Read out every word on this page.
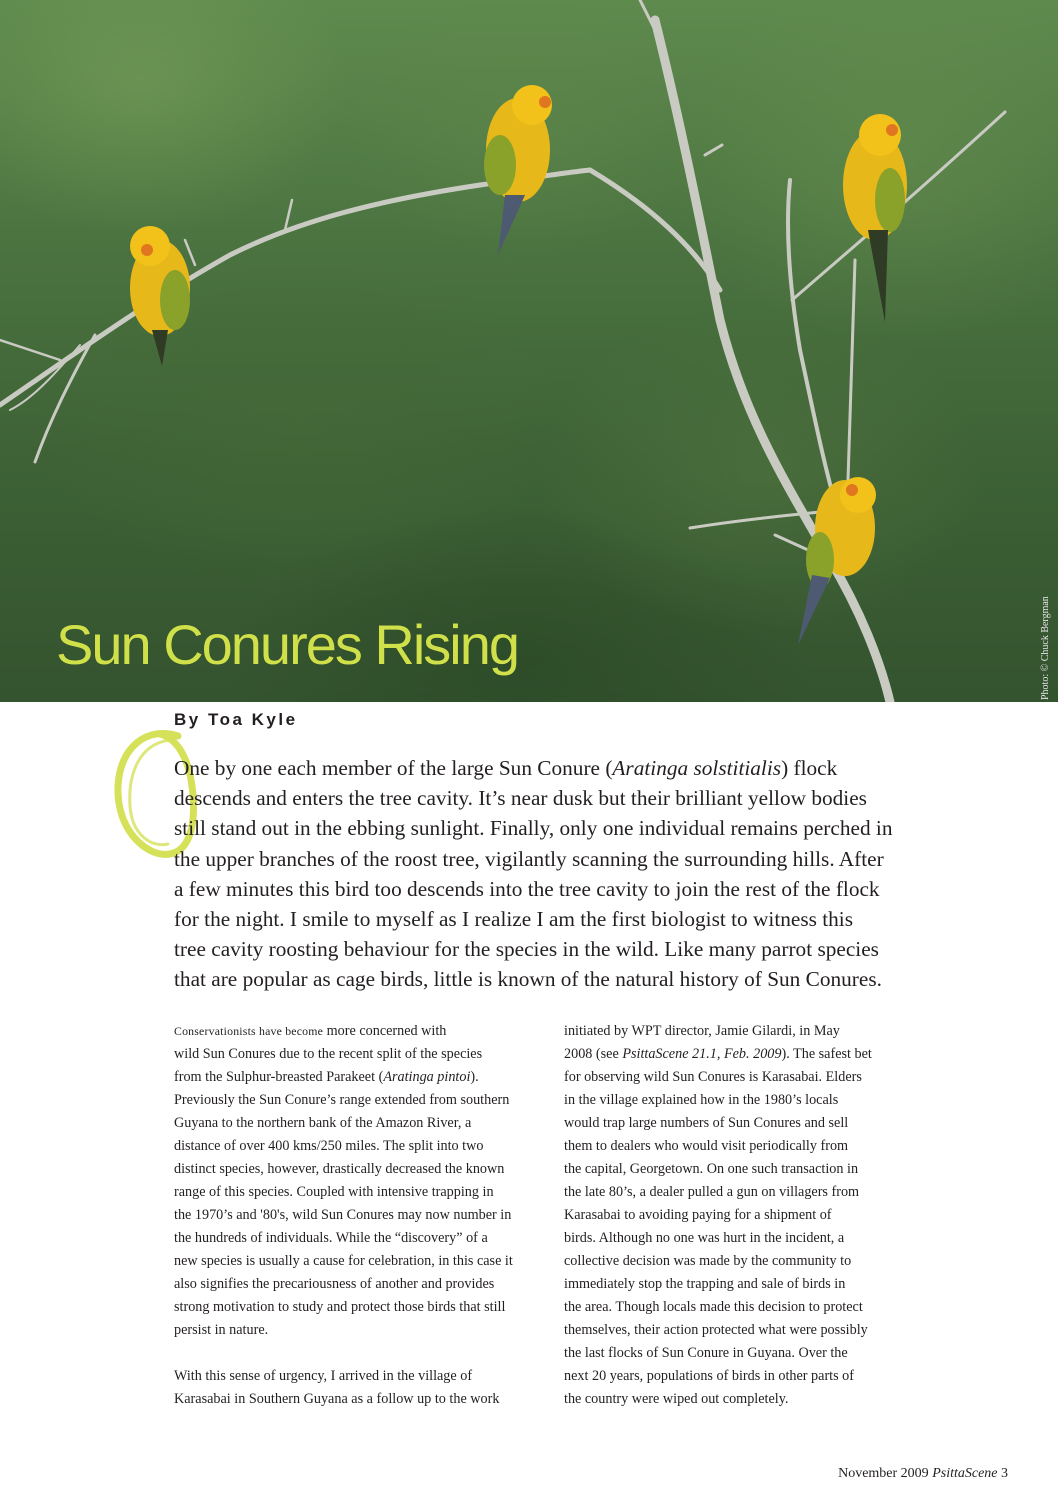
Sun Conures Rising	Photo: © Chuck Bergman
By Toa Kyle
One by one each member of the large Sun Conure (Aratinga solstitialis) flock
descends and enters the tree cavity. It’s near dusk but their brilliant yellow bodies
still stand out in the ebbing sunlight. Finally, only one individual remains perched in
the upper branches of the roost tree, vigilantly scanning the surrounding hills. After
a few minutes this bird too descends into the tree cavity to join the rest of the flock
for the night. I smile to myself as I realize I am the first biologist to witness this
tree cavity roosting behaviour for the species in the wild. Like many parrot species
that are popular as cage birds, little is known of the natural history of Sun Conures.

Conservationists have become more concerned with
wild Sun Conures due to the recent split of the species
from the Sulphur-breasted Parakeet (Aratinga pintoi).
Previously the Sun Conure’s range extended from southern
Guyana to the northern bank of the Amazon River, a
distance of over 400 kms/250 miles. The split into two
distinct species, however, drastically decreased the known
range of this species. Coupled with intensive trapping in
the 1970’s and '80's, wild Sun Conures may now number in
the hundreds of individuals. While the “discovery” of a
new species is usually a cause for celebration, in this case it
also signifies the precariousness of another and provides
strong motivation to study and protect those birds that still
persist in nature.

With this sense of urgency, I arrived in the village of
Karasabai in Southern Guyana as a follow up to the work

initiated by WPT director, Jamie Gilardi, in May
2008 (see PsittaScene 21.1, Feb. 2009). The safest bet
for observing wild Sun Conures is Karasabai. Elders
in the village explained how in the 1980’s locals
would trap large numbers of Sun Conures and sell
them to dealers who would visit periodically from
the capital, Georgetown. On one such transaction in
the late 80’s, a dealer pulled a gun on villagers from
Karasabai to avoiding paying for a shipment of
birds. Although no one was hurt in the incident, a
collective decision was made by the community to
immediately stop the trapping and sale of birds in
the area. Though locals made this decision to protect
themselves, their action protected what were possibly
the last flocks of Sun Conure in Guyana. Over the
next 20 years, populations of birds in other parts of
the country were wiped out completely.

November 2009 PsittaScene 3
